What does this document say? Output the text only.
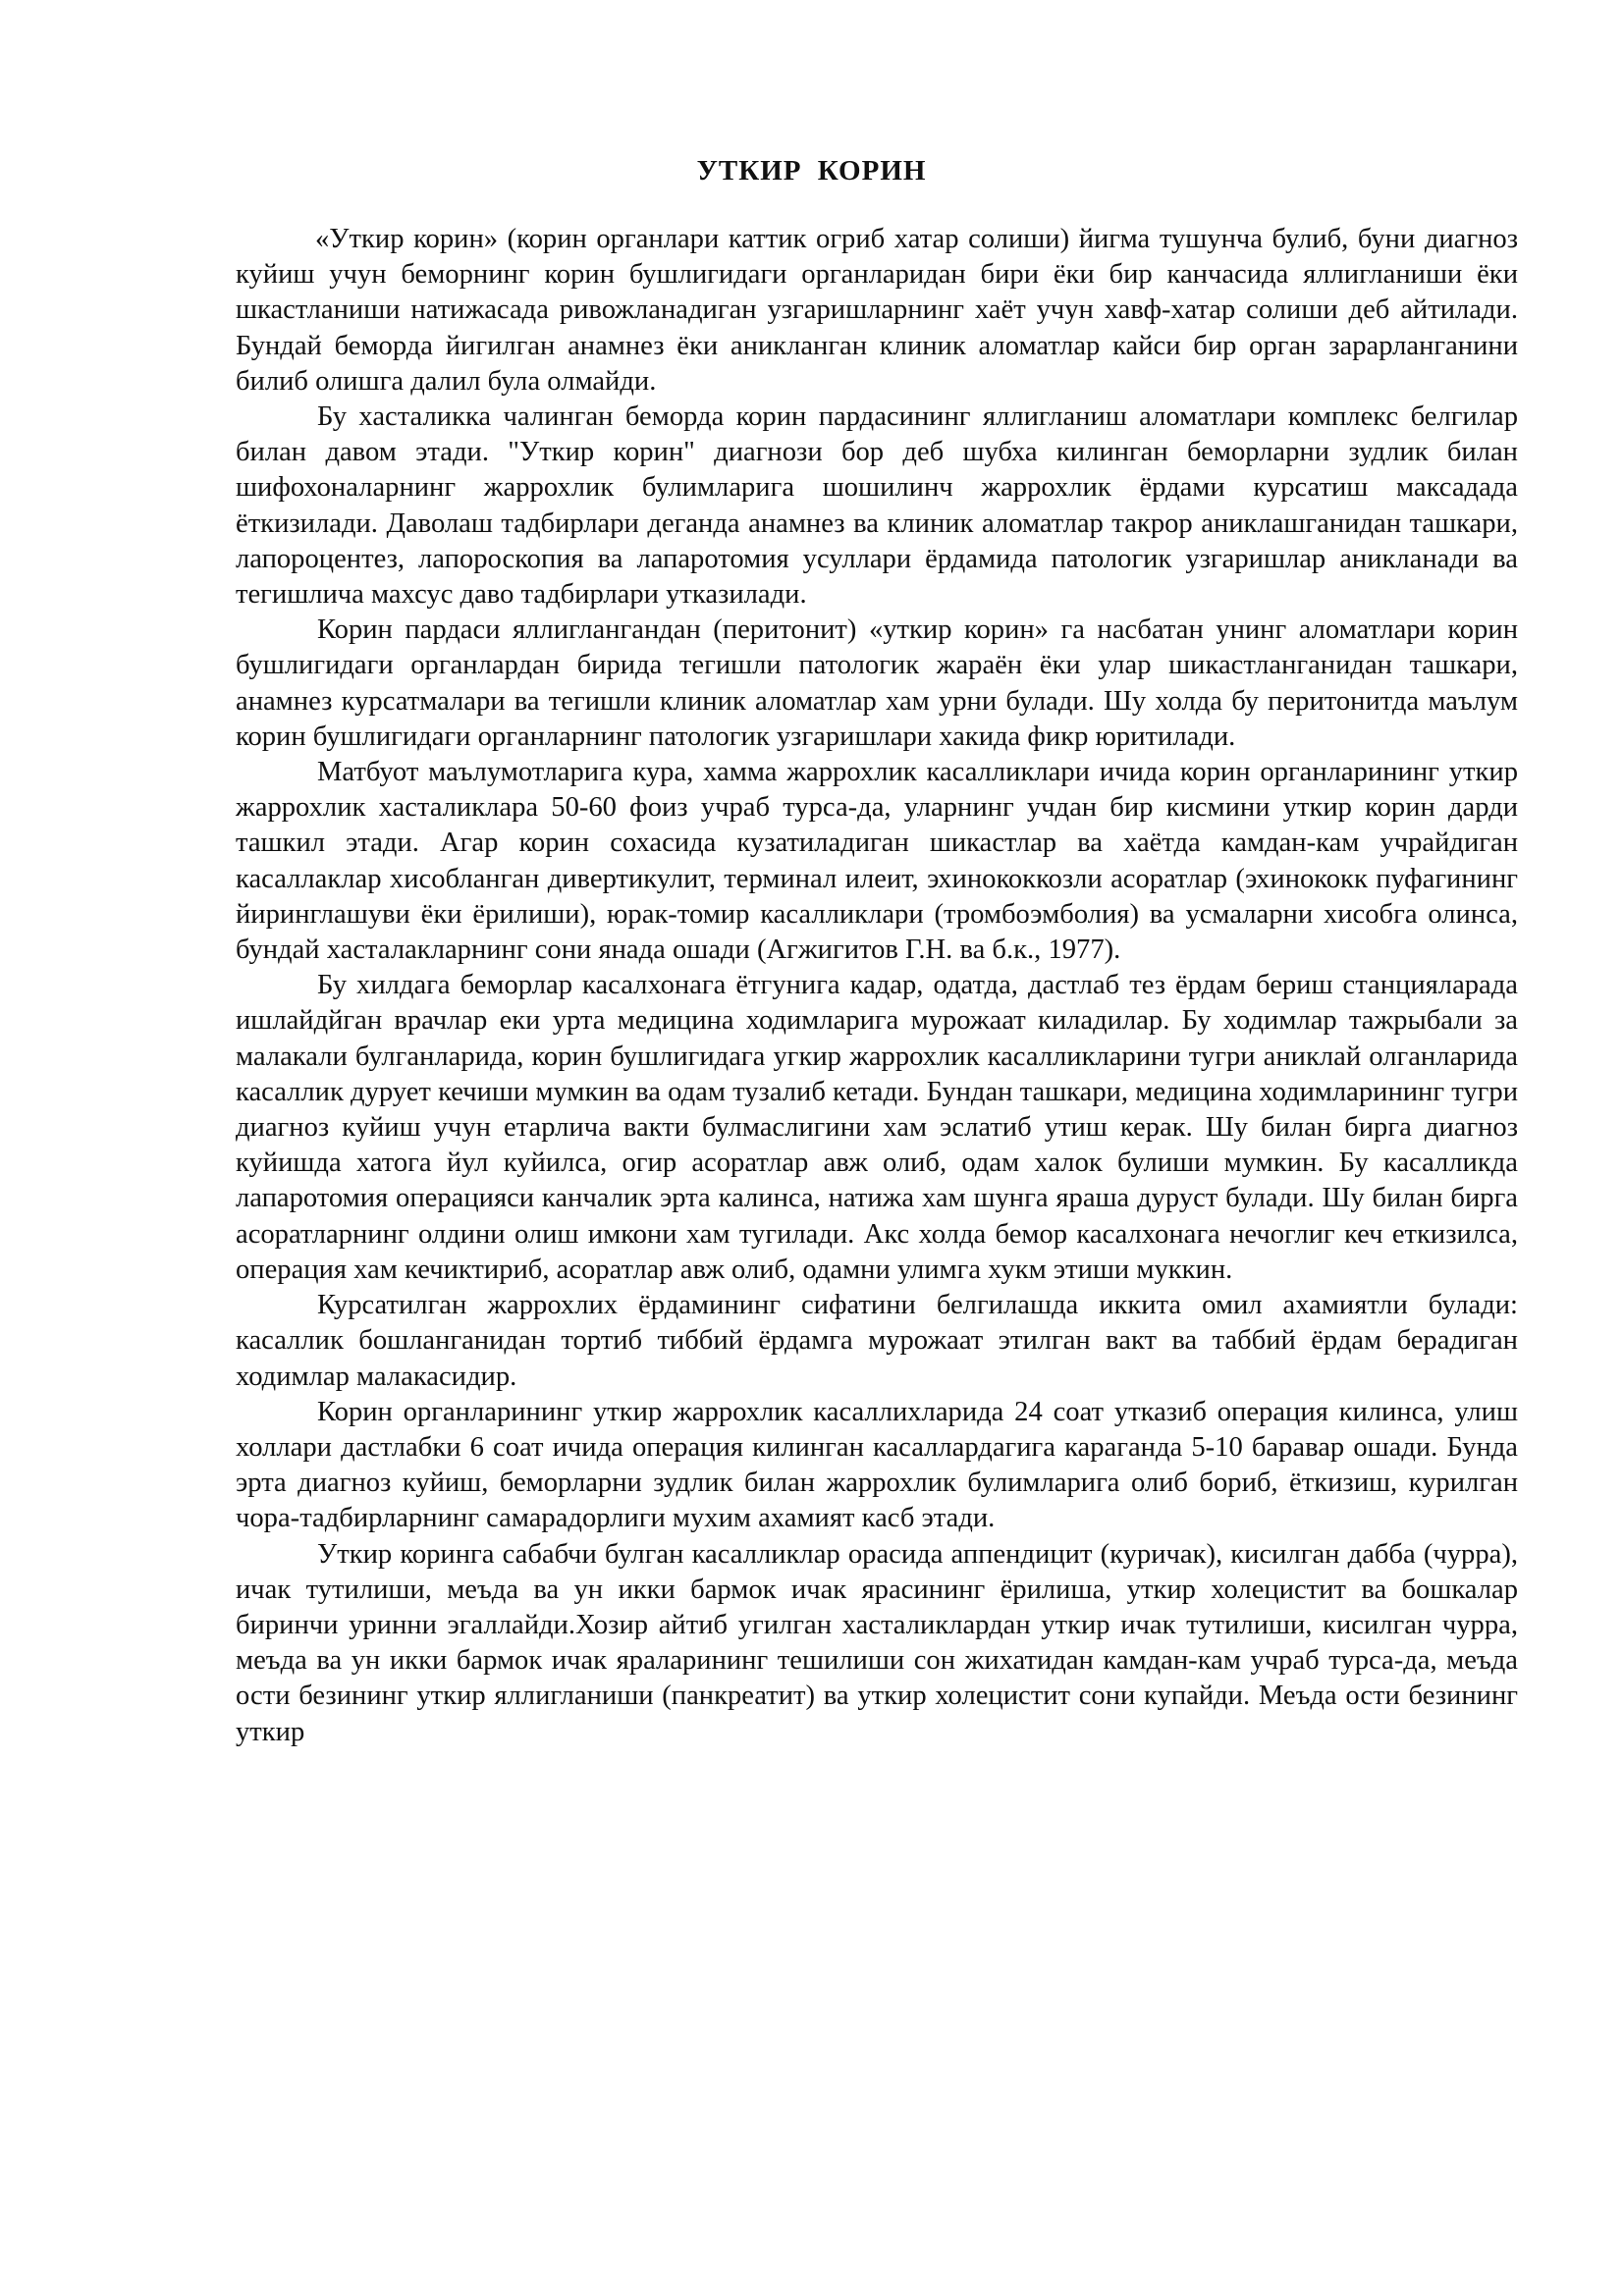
УТКИР КОРИН

«Уткир корин» (корин органлари каттик огриб хатар солиши) йигма тушунча булиб, буни диагноз куйиш учун беморнинг корин бушлигидаги органларидан бири ёки бир канчасида яллигланиши ёки шкастланиши натижасада ривожланадиган узгаришларнинг хаёт учун хавф-хатар солиши деб айтилади. Бундай беморда йигилган анамнез ёки аникланган клиник аломатлар кайси бир орган зарарланганини билиб олишга далил була олмайди.

Бу хасталикка чалинган беморда корин пардасининг яллигланиш аломатлари комплекс белгилар билан давом этади. "Уткир корин" диагнози бор деб шубха килинган беморларни зудлик билан шифохоналарнинг жаррохлик булимларига шошилинч жаррохлик ёрдами курсатиш максадада ёткизилади. Даволаш тадбирлари деганда анамнез ва клиник аломатлар такрор аниклашганидан ташкари, лапороцентез, лапороскопия ва лапаротомия усуллари ёрдамида патологик узгаришлар аникланади ва тегишлича махсус даво тадбирлари утказилади.

Корин пардаси яллиглангандан (перитонит) «уткир корин» га насбатан унинг аломатлари корин бушлигидаги органлардан бирида тегишли патологик жараён ёки улар шикастланганидан ташкари, анамнез курсатмалари ва тегишли клиник аломатлар хам урни булади. Шу холда бу перитонитда маълум корин бушлигидаги органларнинг патологик узгаришлари хакида фикр юритилади.

Матбуот маълумотларига кура, хамма жаррохлик касалликлари ичида корин органларининг уткир жаррохлик хасталиклара 50-60 фоиз учраб турса-да, уларнинг учдан бир кисмини уткир корин дарди ташкил этади. Агар корин сохасида кузатиладиган шикастлар ва хаётда камдан-кам учрайдиган касаллаклар хисобланган дивертикулит, терминал илеит, эхинококкозли асоратлар (эхинококк пуфагининг йиринглашуви ёки ёрилиши), юрак-томир касалликлари (тромбоэмболия) ва усмаларни хисобга олинса, бундай хасталакларнинг сони янада ошади (Агжигитов Г.Н. ва б.к., 1977).

Бу хилдага беморлар касалхонага ётгунига кадар, одатда, дастлаб тез ёрдам бериш станцияларада ишлайдйган врачлар еки урта медицина ходимларига мурожаат киладилар. Бу ходимлар тажрыбали за малакали булганларида, корин бушлигидага угкир жаррохлик касалликларини тугри аниклай олганларида касаллик дурует кечиши мумкин ва одам тузалиб кетади. Бундан ташкари, медицина ходимларининг тугри диагноз куйиш учун етарлича вакти булмаслигини хам эслатиб утиш керак. Шу билан бирга диагноз куйишда хатога йул куйилса, огир асоратлар авж олиб, одам халок булиши мумкин. Бу касалликда лапаротомия операцияси канчалик эрта калинса, натижа хам шунга яраша дуруст булади. Шу билан бирга асоратларнинг олдини олиш имкони хам тугилади. Акс холда бемор касалхонага нечоглиг кеч еткизилса, операция хам кечиктириб, асоратлар авж олиб, одамни улимга хукм этиши муккин.

Курсатилган жаррохлих ёрдамининг сифатини белгилашда иккита омил ахамиятли булади: касаллик бошланганидан тортиб тиббий ёрдамга мурожаат этилган вакт ва таббий ёрдам берадиган ходимлар малакасидир.

Корин органларининг уткир жаррохлик касаллихларида 24 соат утказиб операция килинса, улиш холлари дастлабки 6 соат ичида операция килинган касаллардагига караганда 5-10 баравар ошади. Бунда эрта диагноз куйиш, беморларни зудлик билан жаррохлик булимларига олиб бориб, ёткизиш, курилган чора-тадбирларнинг самарадорлиги мухим ахамият касб этади.

Уткир коринга сабабчи булган касалликлар орасида аппендицит (куричак), кисилган дабба (чурра), ичак тутилиши, меъда ва ун икки бармок ичак ярасининг ёрилиша, уткир холецистит ва бошкалар биринчи уринни эгаллайди.Хозир айтиб угилган хасталиклардан уткир ичак тутилиши, кисилган чурра, меъда ва ун икки бармок ичак яраларининг тешилиши сон жихатидан камдан-кам учраб турса-да, меъда ости безининг уткир яллигланиши (панкреатит) ва уткир холецистит сони купайди. Меъда ости безининг уткир
